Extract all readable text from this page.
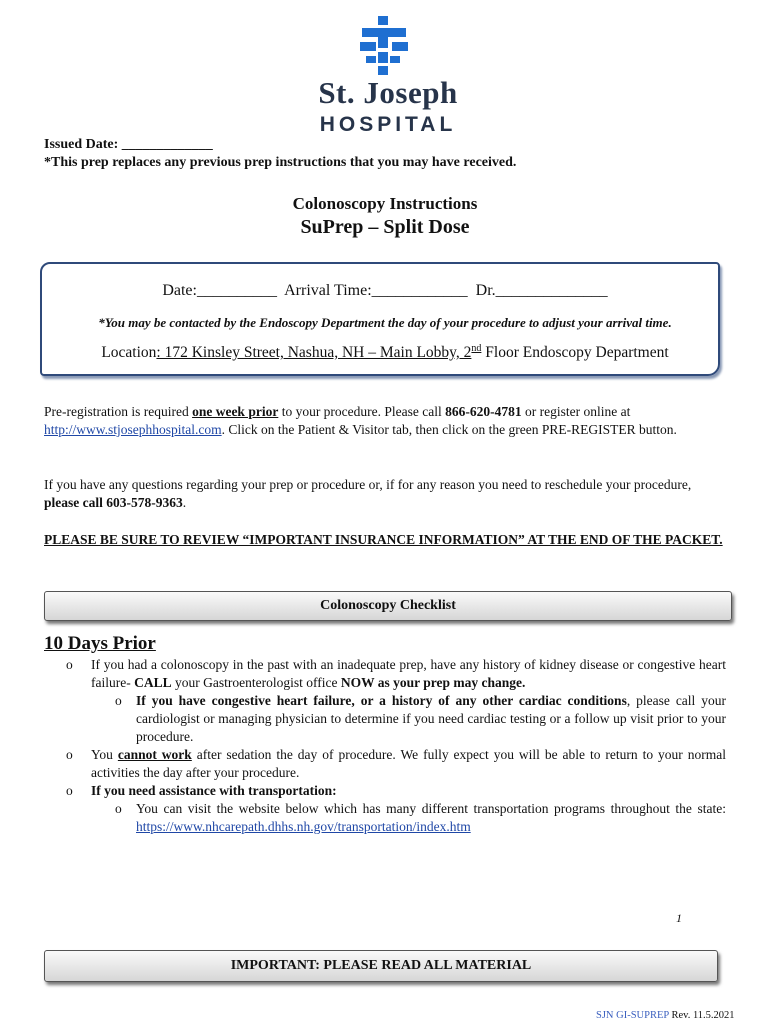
St. Joseph
HOSPITAL
Issued Date: _____________
*This prep replaces any previous prep instructions that you may have received.
Colonoscopy Instructions
SuPrep – Split Dose
Date:__________ Arrival Time:____________ Dr.______________
*You may be contacted by the Endoscopy Department the day of your procedure to adjust your arrival time.
Location: 172 Kinsley Street, Nashua, NH – Main Lobby, 2nd Floor Endoscopy Department
Pre-registration is required one week prior to your procedure. Please call 866-620-4781 or register online at http://www.stjosephhospital.com. Click on the Patient & Visitor tab, then click on the green PRE-REGISTER button.
If you have any questions regarding your prep or procedure or, if for any reason you need to reschedule your procedure, please call 603-578-9363.
PLEASE BE SURE TO REVIEW “IMPORTANT INSURANCE INFORMATION” AT THE END OF THE PACKET.
Colonoscopy Checklist
10 Days Prior
o If you had a colonoscopy in the past with an inadequate prep, have any history of kidney disease or congestive heart failure- CALL your Gastroenterologist office NOW as your prep may change.
o If you have congestive heart failure, or a history of any other cardiac conditions, please call your cardiologist or managing physician to determine if you need cardiac testing or a follow up visit prior to your procedure.
o You cannot work after sedation the day of procedure. We fully expect you will be able to return to your normal activities the day after your procedure.
o If you need assistance with transportation:
o You can visit the website below which has many different transportation programs throughout the state: https://www.nhcarepath.dhhs.nh.gov/transportation/index.htm
1
IMPORTANT: PLEASE READ ALL MATERIAL
SJN GI-SUPREP Rev. 11.5.2021
